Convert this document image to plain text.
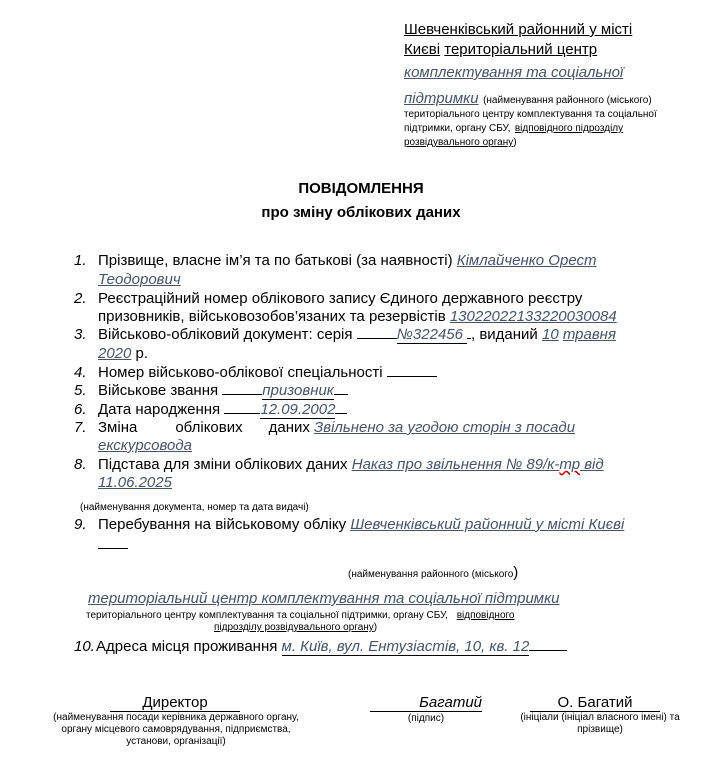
Шевченківський районний у місті
Києві територіальний центр
комплектування та соціальної
підтримки (найменування районного (міського)
територіального центру комплектування та соціальної
підтримки, органу СБУ, відповідного підрозділу
розвідувального органу)
ПОВІДОМЛЕННЯ
про зміну облікових даних
1. Прізвище, власне ім’я та по батькові (за наявності) Кімлайченко Орест
Теодорович
2. Реєстраційний номер облікового запису Єдиного державного реєстру
призовників, військовозобов’язаних та резервістів 13022022133220030084
3. Військово-обліковий документ: серія	№322456 , виданий 10 травня
2020 р.
4. Номер військово-облікової спеціальності
5. Військове звання	призовник
6. Дата народження	12.09.2002
7. Зміна	облікових даних Звільнено за угодою сторін з посади
екскурсовода
8. Підстава для зміни облікових даних Наказ про звільнення № 89/к-тр від
11.06.2025
(найменування документа, номер та дата видачі)
9. Перебування на військовому обліку Шевченківський районний у місті Києві
(найменування районного (міського)
територіальний центр комплектування та соціальної підтримки
територіального центру комплектування та соціальної підтримки, органу СБУ, відповідного
підрозділу розвідувального органу)
10. Адреса місця проживання м. Київ, вул. Ентузіастів, 10, кв. 12
Директор
(найменування посади керівника державного органу, органу місцевого самоврядування, підприємства, установи, організації)
Багатий
(підпис)
О. Багатий
(ініціали (ініціал власного імені) та прізвище)
